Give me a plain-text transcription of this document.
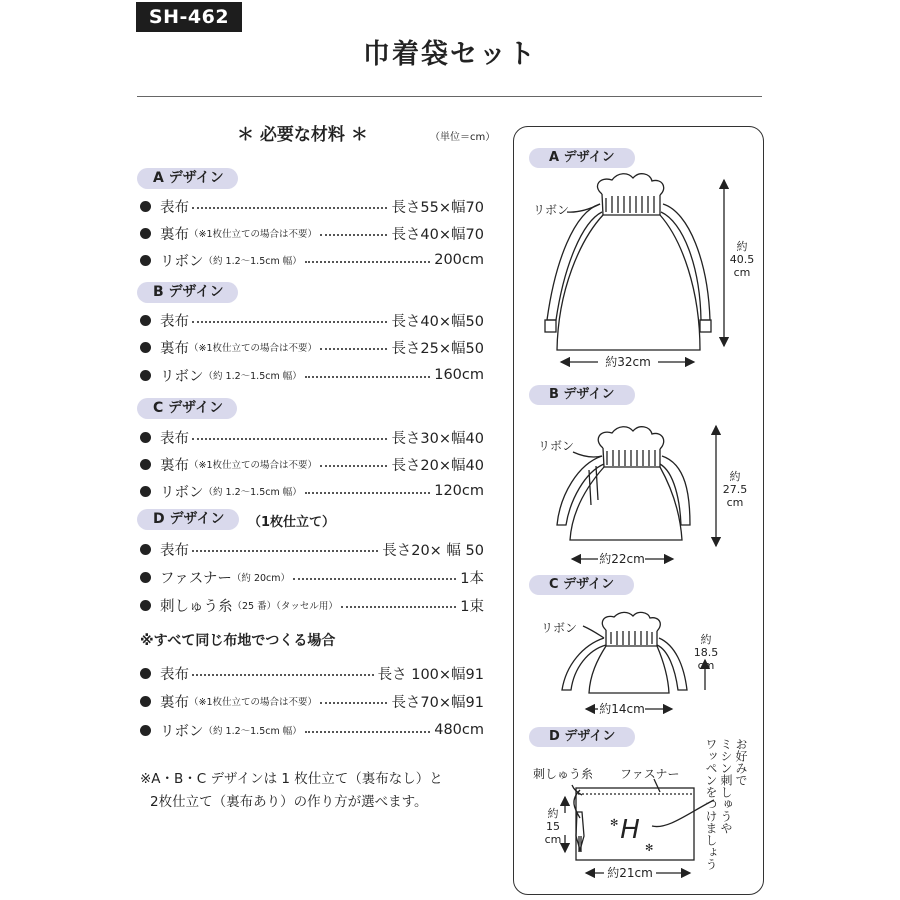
SH-462
巾着袋セット
＊ 必要な材料 ＊	（単位＝cm）
A デザイン
表布	長さ55×幅70
裏布 （※1枚仕立ての場合は不要）	長さ40×幅70
リボン （約 1.2～1.5cm 幅）	200cm
B デザイン
表布	長さ40×幅50
裏布 （※1枚仕立ての場合は不要）	長さ25×幅50
リボン （約 1.2～1.5cm 幅）	160cm
C デザイン
表布	長さ30×幅40
裏布 （※1枚仕立ての場合は不要）	長さ20×幅40
リボン （約 1.2～1.5cm 幅）	120cm
D デザイン	（1枚仕立て）
表布	長さ20× 幅 50
ファスナー （約 20cm）	1本
刺しゅう糸 （25 番）（タッセル用）	1束
※すべて同じ布地でつくる場合
表布	長さ 100×幅91
裏布 （※1枚仕立ての場合は不要）	長さ70×幅91
リボン （約 1.2～1.5cm 幅）	480cm
※A・B・C デザインは 1 枚仕立て（裏布なし）と
2枚仕立て（裏布あり）の作り方が選べます。
A デザイン
B デザイン
C デザイン
D デザイン
リボン
約
40.5
cm
約32cm
リボン
約
27.5
cm
約22cm
リボン
約
18.5
cm
約14cm
刺しゅう糸 ファスナー
約
15
cm
約21cm
H
✻
✻
お好みで
ミシン刺しゅうや
ワッペンをつけましょう
